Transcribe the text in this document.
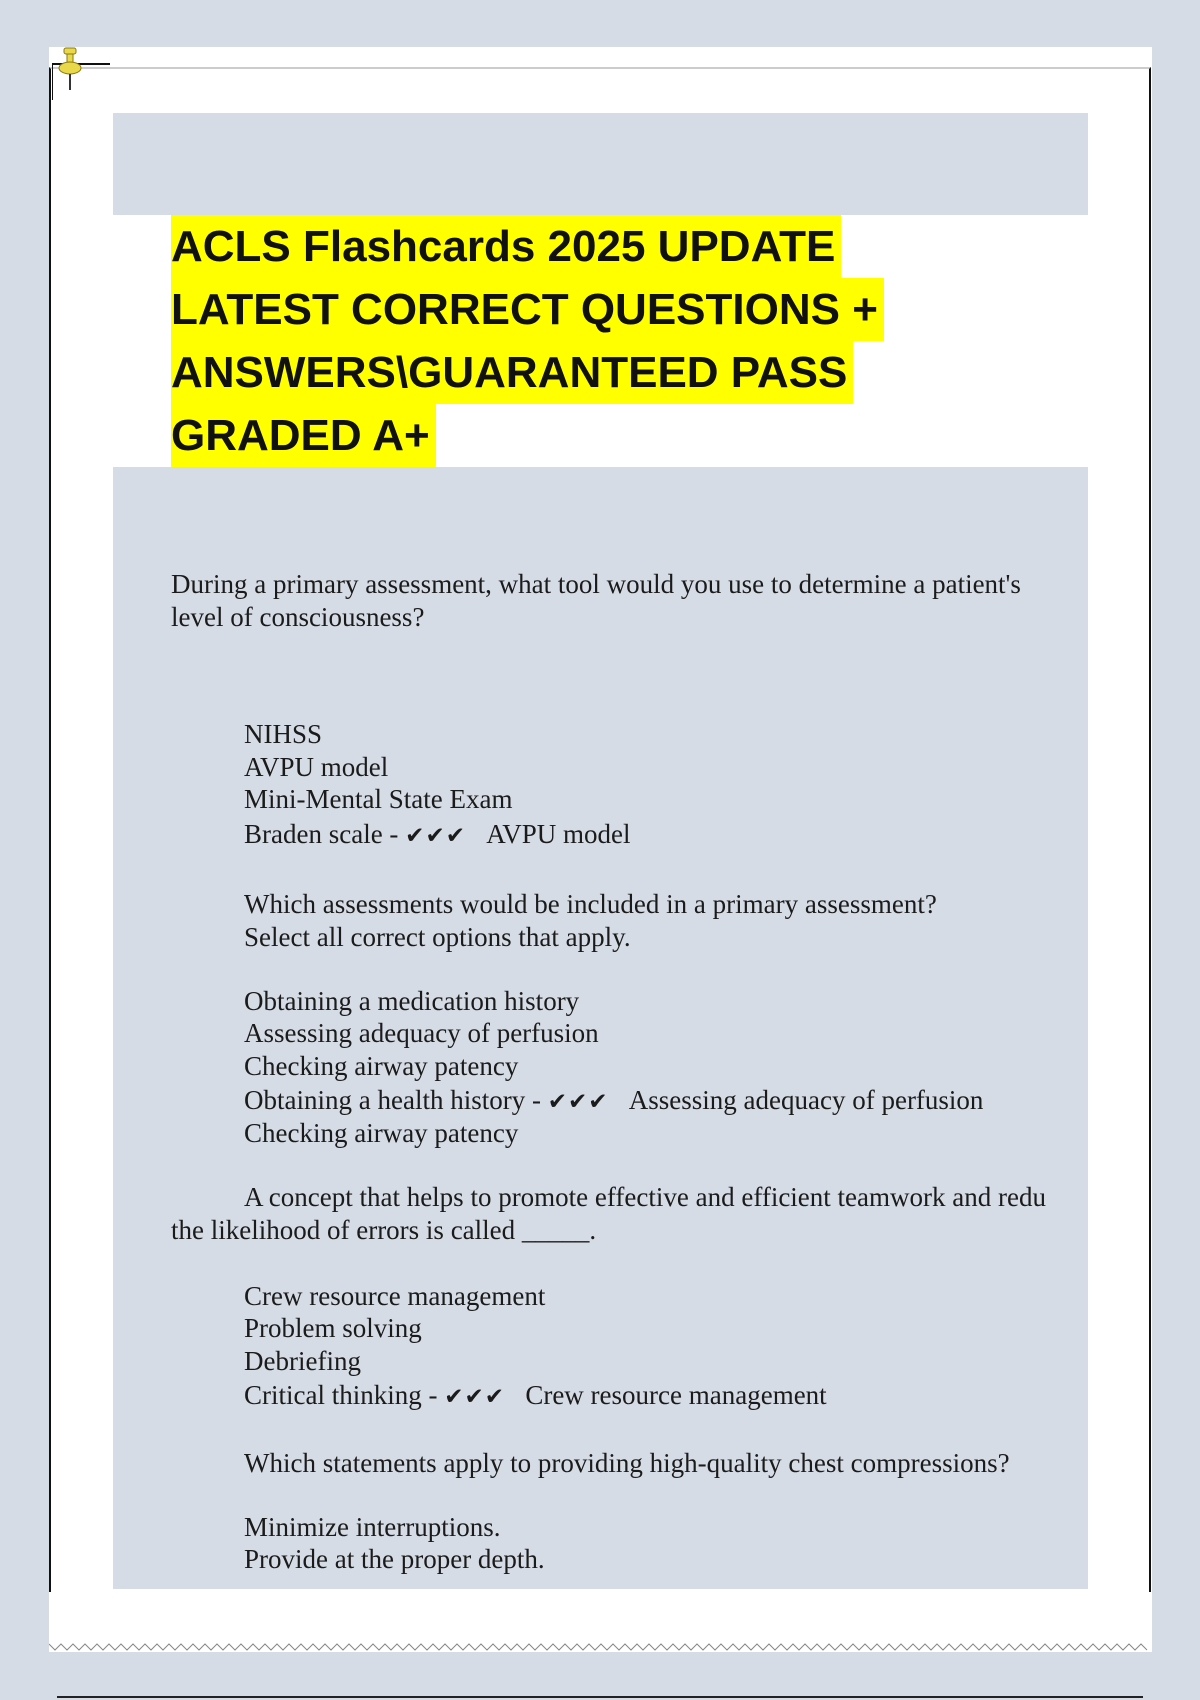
ACLS Flashcards 2025 UPDATE
LATEST CORRECT QUESTIONS +
ANSWERS\GUARANTEED PASS
GRADED A+
During a primary assessment, what tool would you use to determine a patient's level of consciousness?
NIHSS
AVPU model
Mini-Mental State Exam
Braden scale - ✔✔✔ AVPU model
Which assessments would be included in a primary assessment?
Select all correct options that apply.
Obtaining a medication history
Assessing adequacy of perfusion
Checking airway patency
Obtaining a health history - ✔✔✔ Assessing adequacy of perfusion
Checking airway patency
A concept that helps to promote effective and efficient teamwork and redu
the likelihood of errors is called _____.
Crew resource management
Problem solving
Debriefing
Critical thinking - ✔✔✔ Crew resource management
Which statements apply to providing high-quality chest compressions?
Minimize interruptions.
Provide at the proper depth.
